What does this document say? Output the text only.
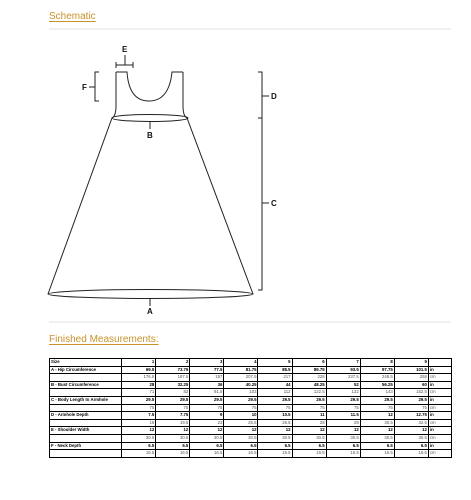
Schematic
A
B
E
F
D
C
Finished Measurements:
Size	1	2	3	4	5	6	7	8	9	
A - Hip Circumference	69.5	73.75	77.5	81.75	85.5	89.75	93.5	97.75	101.5	in
	176.5	187.5	197	207.5	217	228	237.5	248.5	258	cm
B - Bust Circumference	28	32.25	36	40.25	44	48.25	52	56.25	60	in
	71	82	91.5	102	112	122.5	132	143	152.5	cm
C - Body Length to Armhole	29.5	29.5	29.5	29.5	29.5	29.5	29.5	29.5	29.5	in
	75	75	75	75	75	75	75	75	75	cm
D - Armhole Depth	7.5	7.75	9	10	10.5	11	11.5	12	12.75	in
	19	19.5	23	25.5	26.5	28	29	30.5	32.5	cm
E - Shoulder Width	12	12	12	12	12	12	12	12	12	in
	30.5	30.5	30.5	30.5	30.5	30.5	30.5	30.5	30.5	cm
F - Neck Depth	6.5	6.5	6.5	6.5	6.5	6.5	6.5	6.5	6.5	in
	16.5	16.5	16.5	16.5	16.5	16.5	16.5	16.5	16.5	cm
